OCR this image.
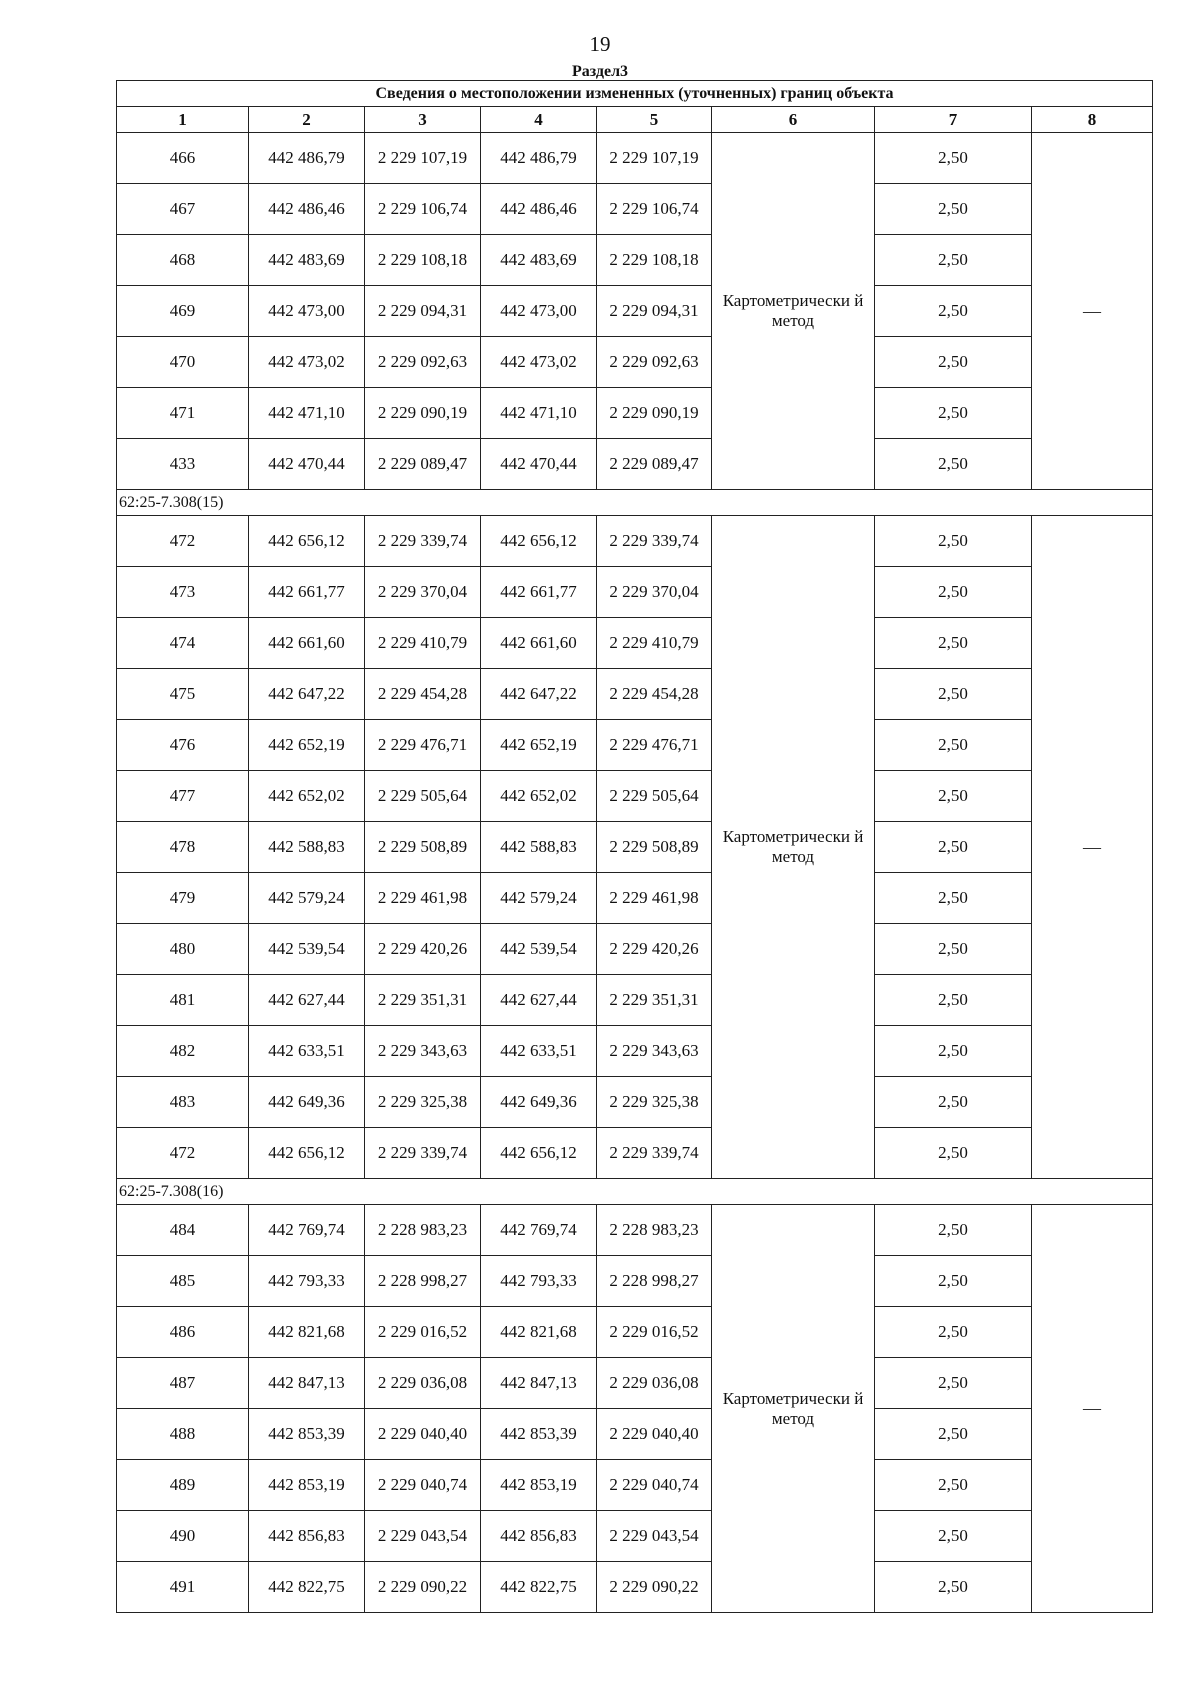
19
Раздел3
Сведения о местоположении измененных (уточненных) границ объекта							
1	2	3	4	5	6	7	8
466	442 486,79	2 229 107,19	442 486,79	2 229 107,19	Картометрически й метод	2,50	—
467	442 486,46	2 229 106,74	442 486,46	2 229 106,74		2,50	
468	442 483,69	2 229 108,18	442 483,69	2 229 108,18		2,50	
469	442 473,00	2 229 094,31	442 473,00	2 229 094,31		2,50	
470	442 473,02	2 229 092,63	442 473,02	2 229 092,63		2,50	
471	442 471,10	2 229 090,19	442 471,10	2 229 090,19		2,50	
433	442 470,44	2 229 089,47	442 470,44	2 229 089,47		2,50	
62:25-7.308(15)							
472	442 656,12	2 229 339,74	442 656,12	2 229 339,74	Картометрически й метод	2,50	—
473	442 661,77	2 229 370,04	442 661,77	2 229 370,04		2,50	
474	442 661,60	2 229 410,79	442 661,60	2 229 410,79		2,50	
475	442 647,22	2 229 454,28	442 647,22	2 229 454,28		2,50	
476	442 652,19	2 229 476,71	442 652,19	2 229 476,71		2,50	
477	442 652,02	2 229 505,64	442 652,02	2 229 505,64		2,50	
478	442 588,83	2 229 508,89	442 588,83	2 229 508,89		2,50	
479	442 579,24	2 229 461,98	442 579,24	2 229 461,98		2,50	
480	442 539,54	2 229 420,26	442 539,54	2 229 420,26		2,50	
481	442 627,44	2 229 351,31	442 627,44	2 229 351,31		2,50	
482	442 633,51	2 229 343,63	442 633,51	2 229 343,63		2,50	
483	442 649,36	2 229 325,38	442 649,36	2 229 325,38		2,50	
472	442 656,12	2 229 339,74	442 656,12	2 229 339,74		2,50	
62:25-7.308(16)							
484	442 769,74	2 228 983,23	442 769,74	2 228 983,23	Картометрически й метод	2,50	—
485	442 793,33	2 228 998,27	442 793,33	2 228 998,27		2,50	
486	442 821,68	2 229 016,52	442 821,68	2 229 016,52		2,50	
487	442 847,13	2 229 036,08	442 847,13	2 229 036,08		2,50	
488	442 853,39	2 229 040,40	442 853,39	2 229 040,40		2,50	
489	442 853,19	2 229 040,74	442 853,19	2 229 040,74		2,50	
490	442 856,83	2 229 043,54	442 856,83	2 229 043,54		2,50	
491	442 822,75	2 229 090,22	442 822,75	2 229 090,22		2,50	
